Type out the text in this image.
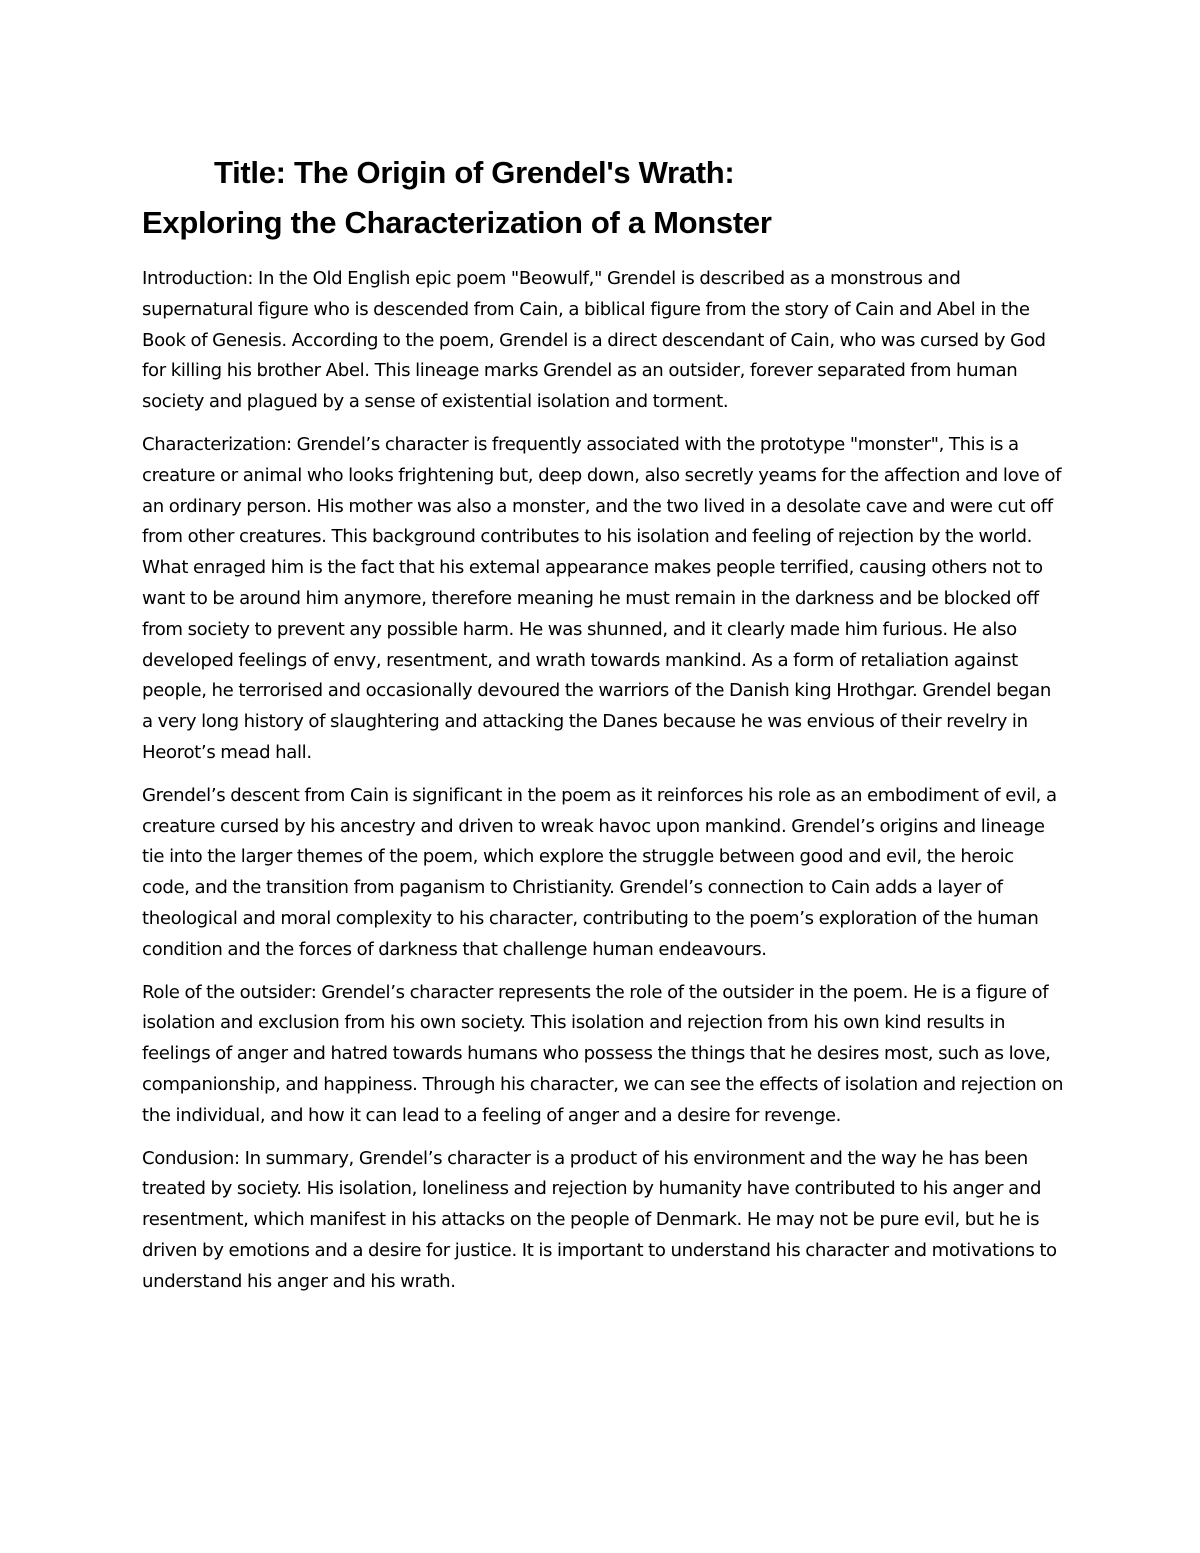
Title: The Origin of Grendel's Wrath:
Exploring the Characterization of a Monster

Introduction: In the Old English epic poem "Beowulf," Grendel is described as a monstrous and supernatural figure who is descended from Cain, a biblical figure from the story of Cain and Abel in the Book of Genesis. According to the poem, Grendel is a direct descendant of Cain, who was cursed by God for killing his brother Abel. This lineage marks Grendel as an outsider, forever separated from human society and plagued by a sense of existential isolation and torment.

Characterization: Grendel’s character is frequently associated with the prototype "monster", This is a creature or animal who looks frightening but, deep down, also secretly yeams for the affection and love of an ordinary person. His mother was also a monster, and the two lived in a desolate cave and were cut off from other creatures. This background contributes to his isolation and feeling of rejection by the world. What enraged him is the fact that his extemal appearance makes people terrified, causing others not to want to be around him anymore, therefore meaning he must remain in the darkness and be blocked off from society to prevent any possible harm. He was shunned, and it clearly made him furious. He also developed feelings of envy, resentment, and wrath towards mankind. As a form of retaliation against people, he terrorised and occasionally devoured the warriors of the Danish king Hrothgar. Grendel began a very long history of slaughtering and attacking the Danes because he was envious of their revelry in Heorot’s mead hall.

Grendel’s descent from Cain is significant in the poem as it reinforces his role as an embodiment of evil, a creature cursed by his ancestry and driven to wreak havoc upon mankind. Grendel’s origins and lineage tie into the larger themes of the poem, which explore the struggle between good and evil, the heroic code, and the transition from paganism to Christianity. Grendel’s connection to Cain adds a layer of theological and moral complexity to his character, contributing to the poem’s exploration of the human condition and the forces of darkness that challenge human endeavours.

Role of the outsider: Grendel’s character represents the role of the outsider in the poem. He is a figure of isolation and exclusion from his own society. This isolation and rejection from his own kind results in feelings of anger and hatred towards humans who possess the things that he desires most, such as love, companionship, and happiness. Through his character, we can see the effects of isolation and rejection on the individual, and how it can lead to a feeling of anger and a desire for revenge.

Condusion: In summary, Grendel’s character is a product of his environment and the way he has been treated by society. His isolation, loneliness and rejection by humanity have contributed to his anger and resentment, which manifest in his attacks on the people of Denmark. He may not be pure evil, but he is driven by emotions and a desire for justice. It is important to understand his character and motivations to understand his anger and his wrath.
